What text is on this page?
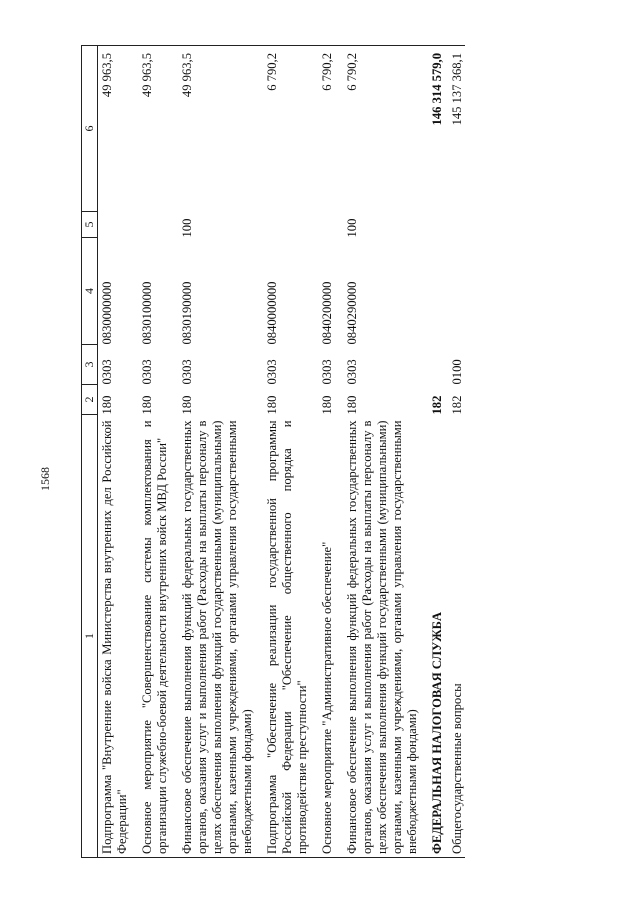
1568
1	2	3	4	5	6
Подпрограмма "Внутренние войска Министерства внутренних дел Российской Федерации"	180	0303	0830000000		49 963,5
Основное мероприятие "Совершенствование системы комплектования и организации служебно-боевой деятельности внутренних войск МВД России"	180	0303	0830100000		49 963,5
Финансовое обеспечение выполнения функций федеральных государственных органов, оказания услуг и выполнения работ (Расходы на выплаты персоналу в целях обеспечения выполнения функций государственными (муниципальными) органами, казенными учреждениями, органами управления государственными внебюджетными фондами)	180	0303	0830190000	100	49 963,5
Подпрограмма "Обеспечение реализации государственной программы Российской Федерации "Обеспечение общественного порядка и противодействие преступности"	180	0303	0840000000		6 790,2
Основное мероприятие "Административное обеспечение"	180	0303	0840200000		6 790,2
Финансовое обеспечение выполнения функций федеральных государственных органов, оказания услуг и выполнения работ (Расходы на выплаты персоналу в целях обеспечения выполнения функций государственными (муниципальными) органами, казенными учреждениями, органами управления государственными внебюджетными фондами)	180	0303	0840290000	100	6 790,2
ФЕДЕРАЛЬНАЯ НАЛОГОВАЯ СЛУЖБА	182				146 314 579,0
Общегосударственные вопросы	182	0100			145 137 368,1
